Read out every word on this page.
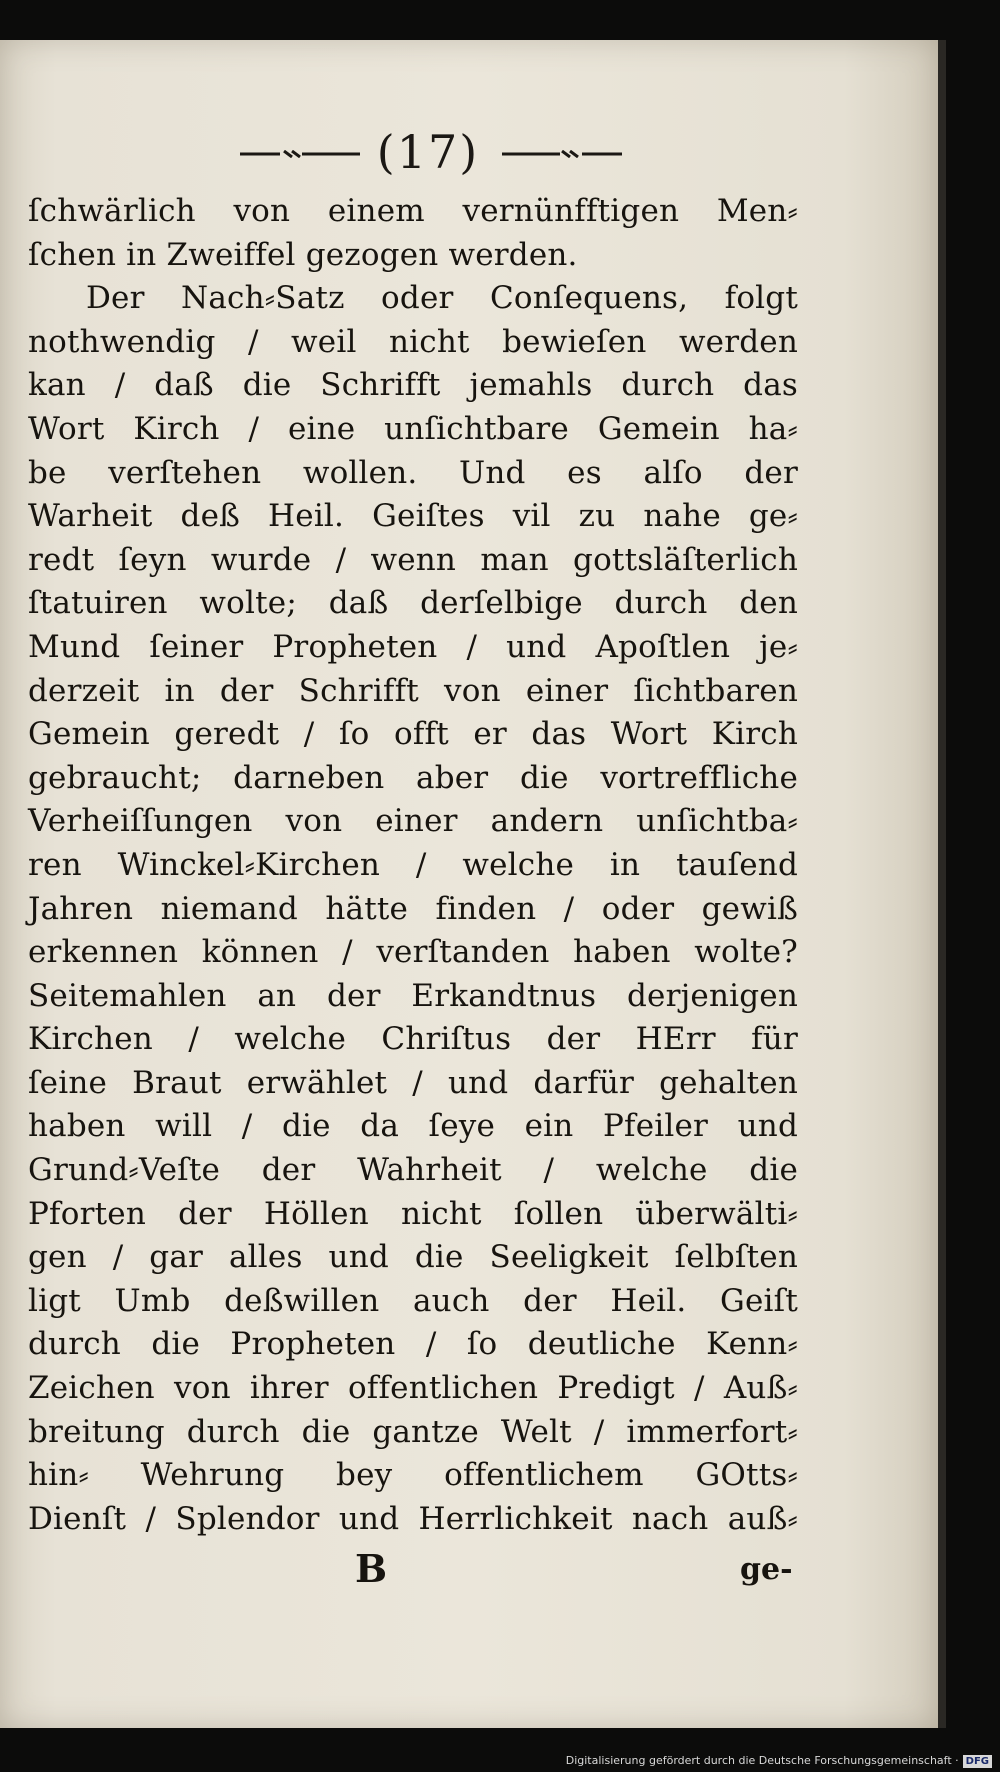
(17)
ſchwärlich von einem vernünfftigen Men⸗
ſchen in Zweiffel gezogen werden.
Der Nach⸗Satz oder Conſequens, folgt
nothwendig / weil nicht bewieſen werden
kan / daß die Schrifft jemahls durch das
Wort Kirch / eine unſichtbare Gemein ha⸗
be verſtehen wollen. Und es alſo der
Warheit deß Heil. Geiſtes vil zu nahe ge⸗
redt ſeyn wurde / wenn man gottsläſterlich
ſtatuiren wolte; daß derſelbige durch den
Mund ſeiner Propheten / und Apoſtlen je⸗
derzeit in der Schrifft von einer ſichtbaren
Gemein geredt / ſo offt er das Wort Kirch
gebraucht; darneben aber die vortreffliche
Verheiſſungen von einer andern unſichtba⸗
ren Winckel⸗Kirchen / welche in tauſend
Jahren niemand hätte finden / oder gewiß
erkennen können / verſtanden haben wolte?
Seitemahlen an der Erkandtnus derjenigen
Kirchen / welche Chriſtus der HErr für
ſeine Braut erwählet / und darfür gehalten
haben will / die da ſeye ein Pfeiler und
Grund⸗Veſte der Wahrheit / welche die
Pforten der Höllen nicht ſollen überwälti⸗
gen / gar alles und die Seeligkeit ſelbſten
ligt Umb deßwillen auch der Heil. Geiſt
durch die Propheten / ſo deutliche Kenn⸗
Zeichen von ihrer offentlichen Predigt / Auß⸗
breitung durch die gantze Welt / immerfort⸗
hin⸗ Wehrung bey offentlichem GOtts⸗
Dienſt / Splendor und Herrlichkeit nach auß⸗
B	ge-
Digitalisierung gefördert durch die Deutsche Forschungsgemeinschaft · DFG
